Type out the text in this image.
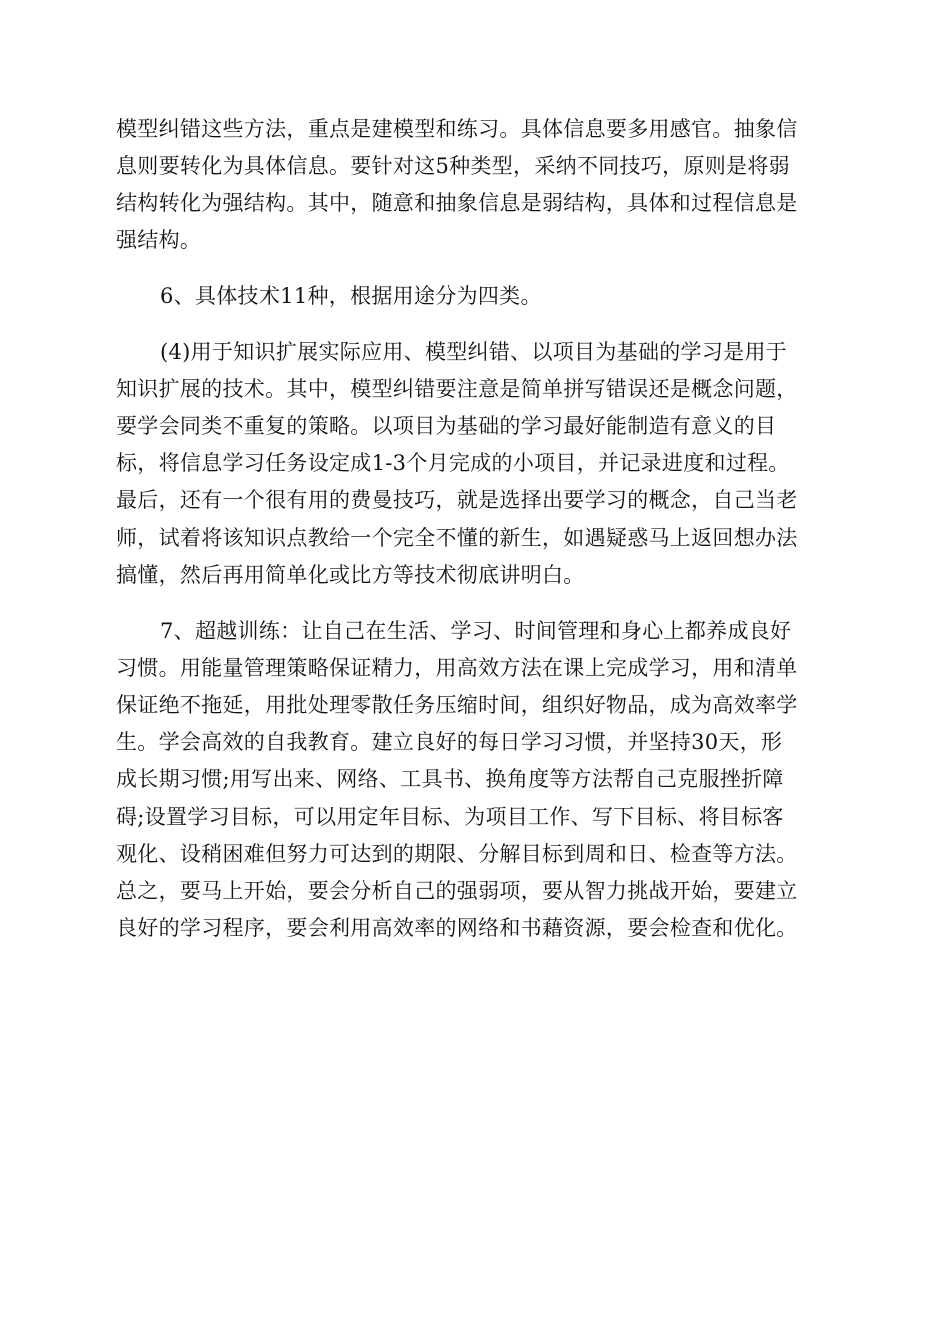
模型纠错这些方法，重点是建模型和练习。具体信息要多用感官。抽象信
息则要转化为具体信息。要针对这5种类型，采纳不同技巧，原则是将弱
结构转化为强结构。其中，随意和抽象信息是弱结构，具体和过程信息是
强结构。
6、具体技术11种，根据用途分为四类。
(4)用于知识扩展实际应用、模型纠错、以项目为基础的学习是用于
知识扩展的技术。其中，模型纠错要注意是简单拼写错误还是概念问题，
要学会同类不重复的策略。以项目为基础的学习最好能制造有意义的目
标，将信息学习任务设定成1-3个月完成的小项目，并记录进度和过程。
最后，还有一个很有用的费曼技巧，就是选择出要学习的概念，自己当老
师，试着将该知识点教给一个完全不懂的新生，如遇疑惑马上返回想办法
搞懂，然后再用简单化或比方等技术彻底讲明白。
7、超越训练：让自己在生活、学习、时间管理和身心上都养成良好
习惯。用能量管理策略保证精力，用高效方法在课上完成学习，用和清单
保证绝不拖延，用批处理零散任务压缩时间，组织好物品，成为高效率学
生。学会高效的自我教育。建立良好的每日学习习惯，并坚持30天，形
成长期习惯;用写出来、网络、工具书、换角度等方法帮自己克服挫折障
碍;设置学习目标，可以用定年目标、为项目工作、写下目标、将目标客
观化、设稍困难但努力可达到的期限、分解目标到周和日、检查等方法。
总之，要马上开始，要会分析自己的强弱项，要从智力挑战开始，要建立
良好的学习程序，要会利用高效率的网络和书藉资源，要会检查和优化。
